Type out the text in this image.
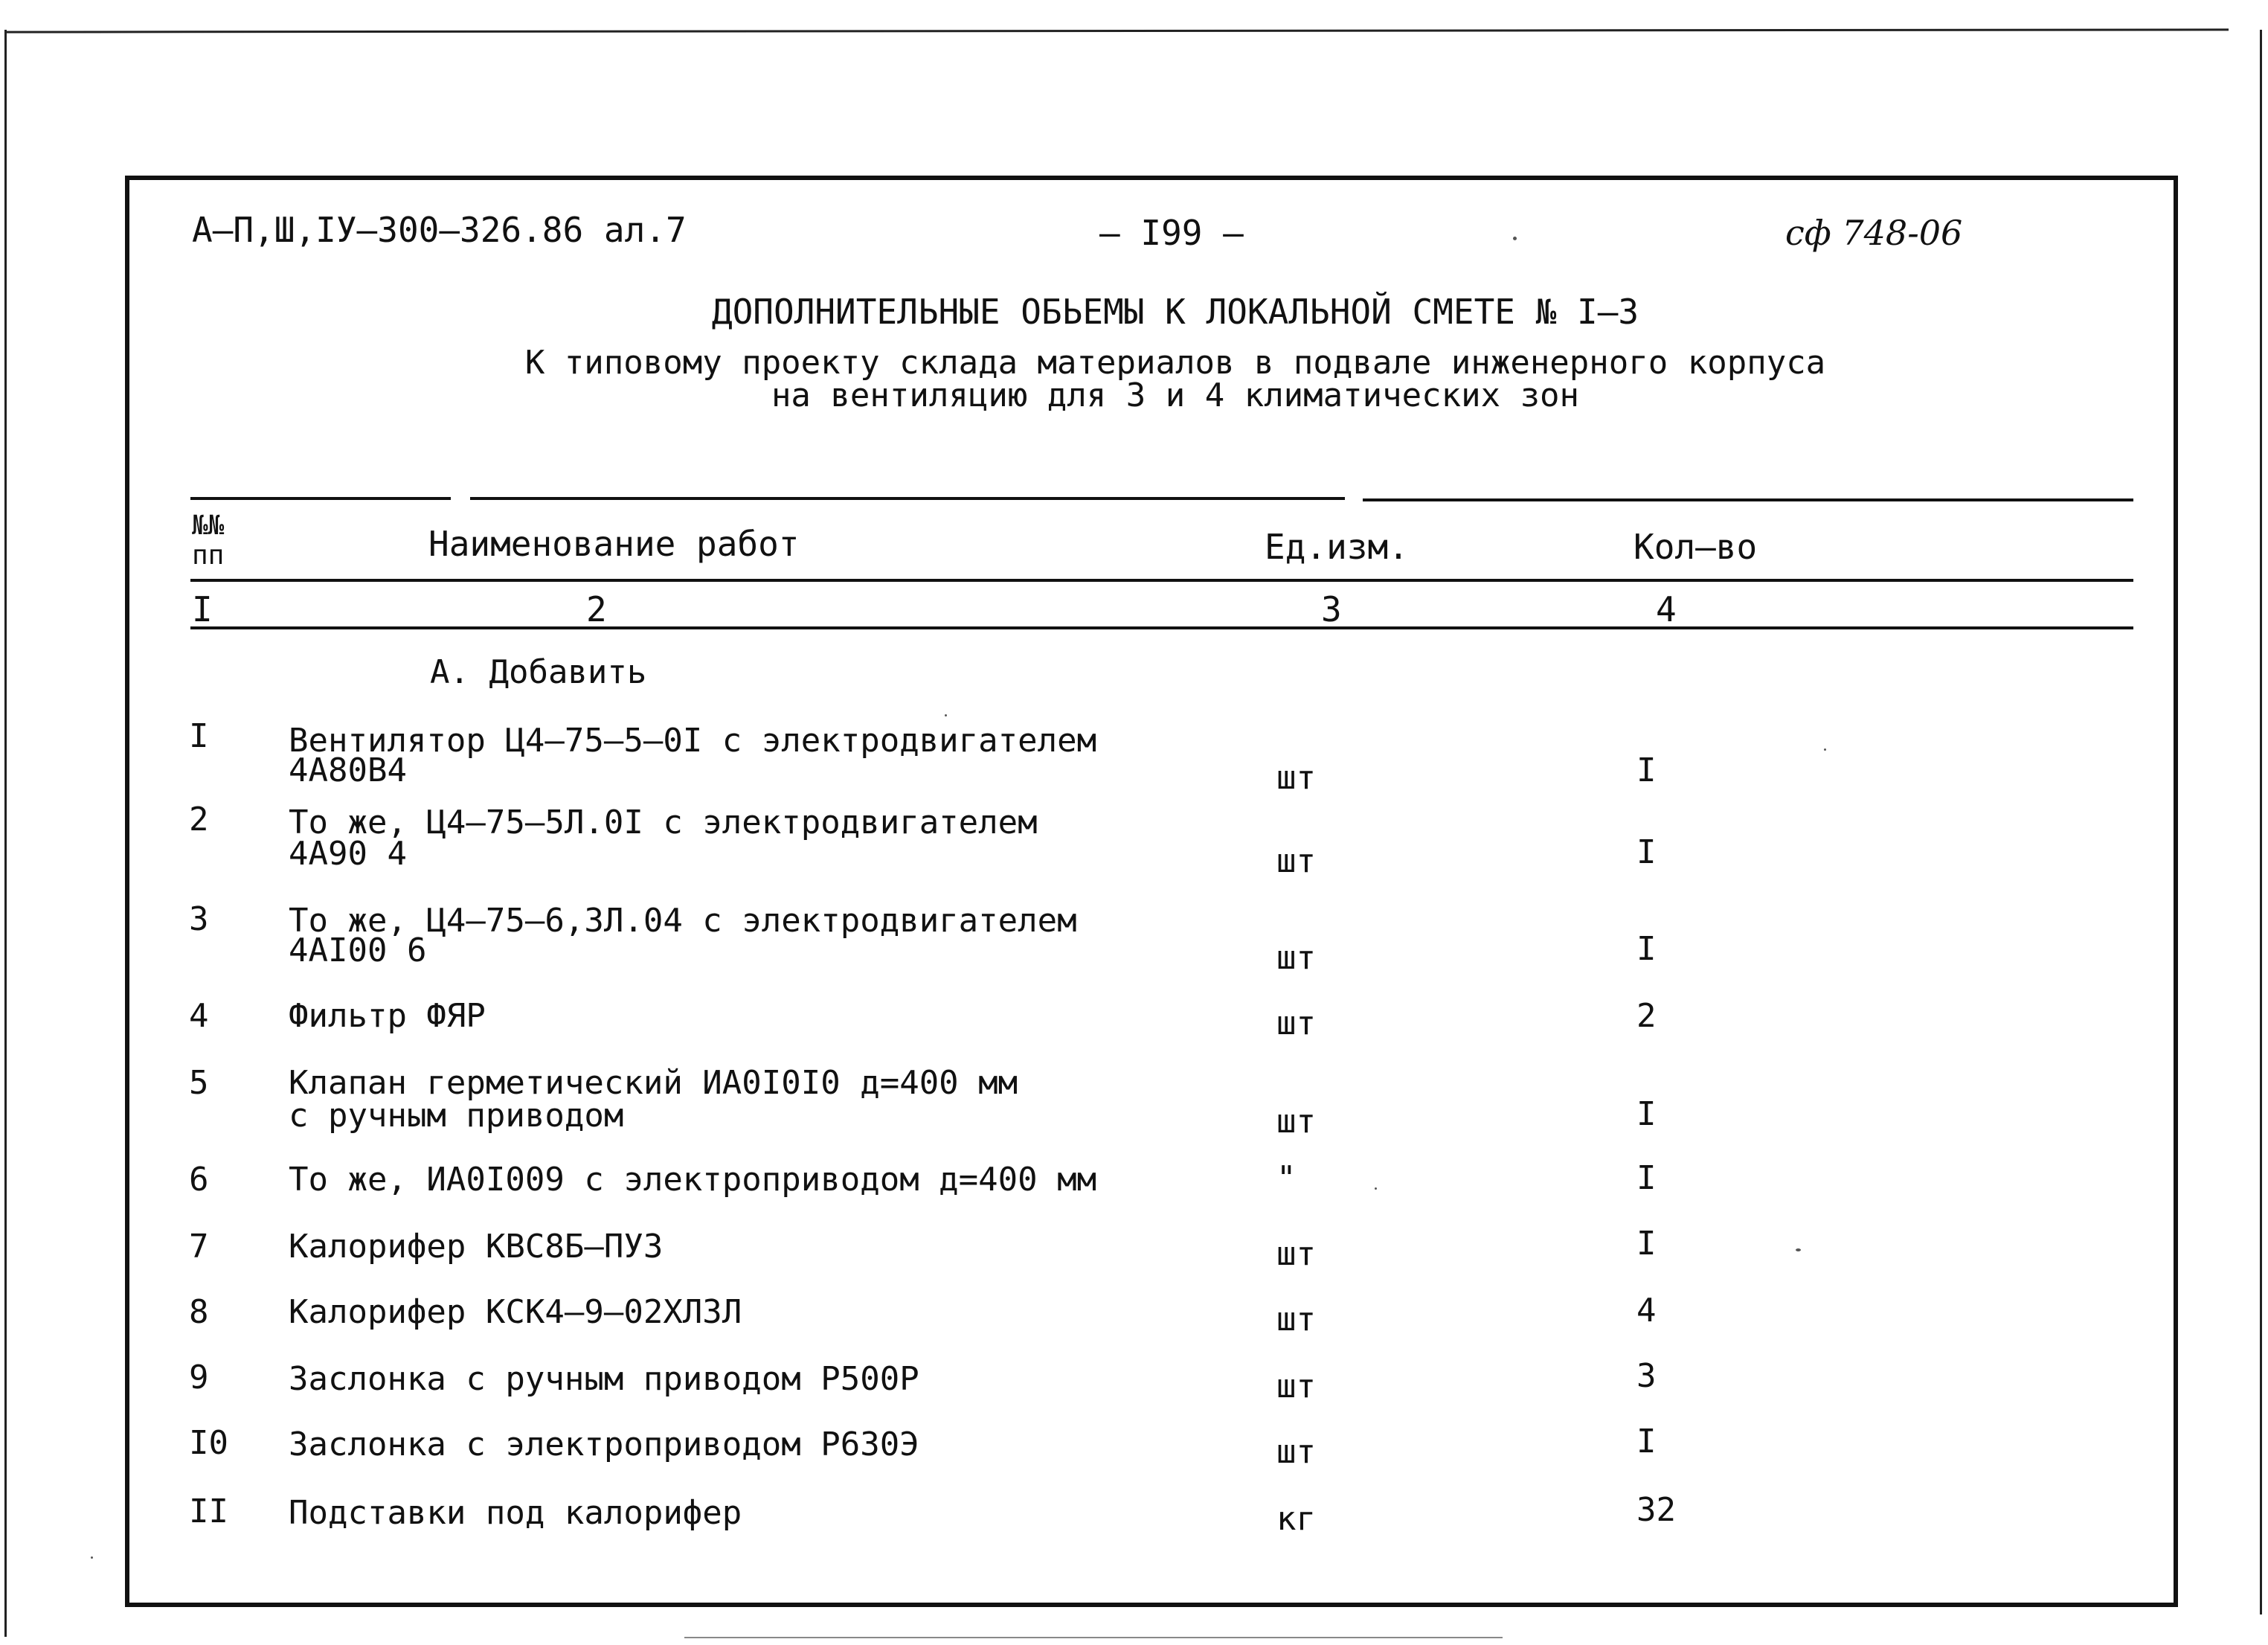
А–П,Ш,IУ–300–326.86 ал.7	– I99 –	сф 748-06
ДОПОЛНИТЕЛЬНЫЕ ОБЬЕМЫ К ЛОКАЛЬНОЙ СМЕТЕ № I–3
К типовому проекту склада материалов в подвале инженерного корпуса
на вентиляцию для 3 и 4 климатических зон
№№
пп	Наименование работ	Ед.изм.	Кол–во
I	2	3	4
А. Добавить
I Вентилятор Ц4–75–5–0I с электродвигателем
4А80В4	шт	I
2 То же, Ц4–75–5Л.0I с электродвигателем
4А90 4	шт	I
3 То же, Ц4–75–6,3Л.04 с электродвигателем
4АI00 6	шт	I
4 Фильтр ФЯР	шт	2
5 Клапан герметический ИА0I0I0 д=400 мм
с ручным приводом	шт	I
6 То же, ИА0I009 с электроприводом д=400 мм	"	I
7 Калорифер КВС8Б–ПУ3	шт	I
8 Калорифер КСК4–9–02ХЛ3Л	шт	4
9 Заслонка с ручным приводом Р500Р	шт	3
I0 Заслонка с электроприводом Р630Э	шт	I
II Подставки под калорифер	кг	32
